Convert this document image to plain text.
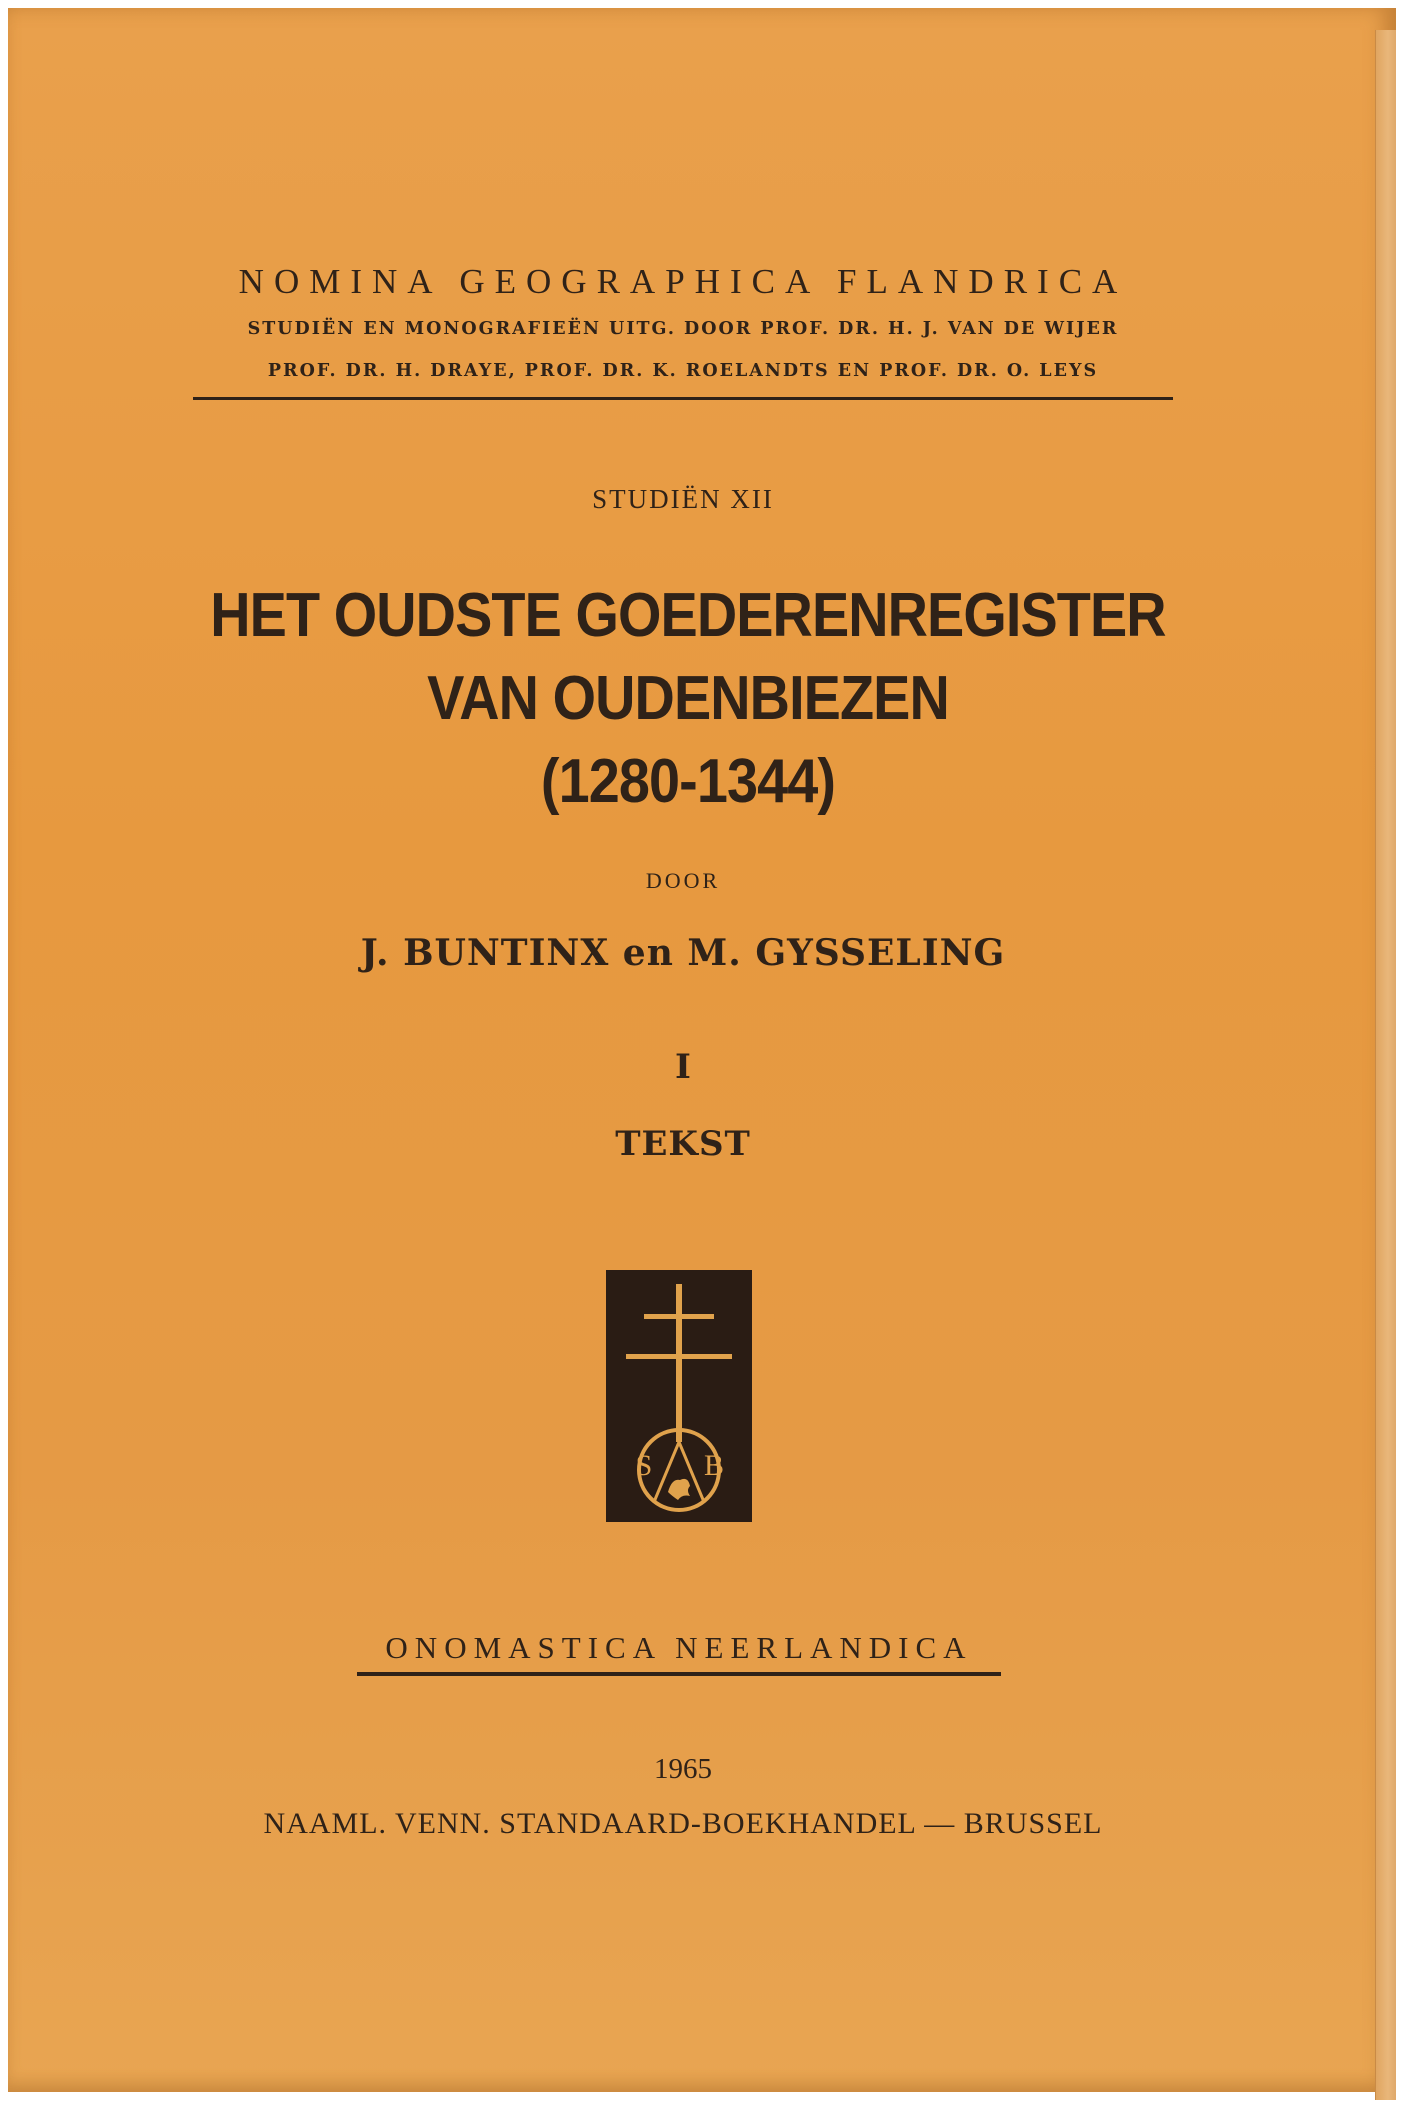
NOMINA GEOGRAPHICA FLANDRICA
STUDIËN EN MONOGRAFIEËN UITG. DOOR PROF. DR. H. J. VAN DE WIJER
PROF. DR. H. DRAYE, PROF. DR. K. ROELANDTS EN PROF. DR. O. LEYS
STUDIËN XII
HET OUDSTE GOEDERENREGISTER
VAN OUDENBIEZEN
(1280-1344)
DOOR
J. BUNTINX en M. GYSSELING
I
TEKST
S B
ONOMASTICA NEERLANDICA
1965
NAAML. VENN. STANDAARD-BOEKHANDEL — BRUSSEL
